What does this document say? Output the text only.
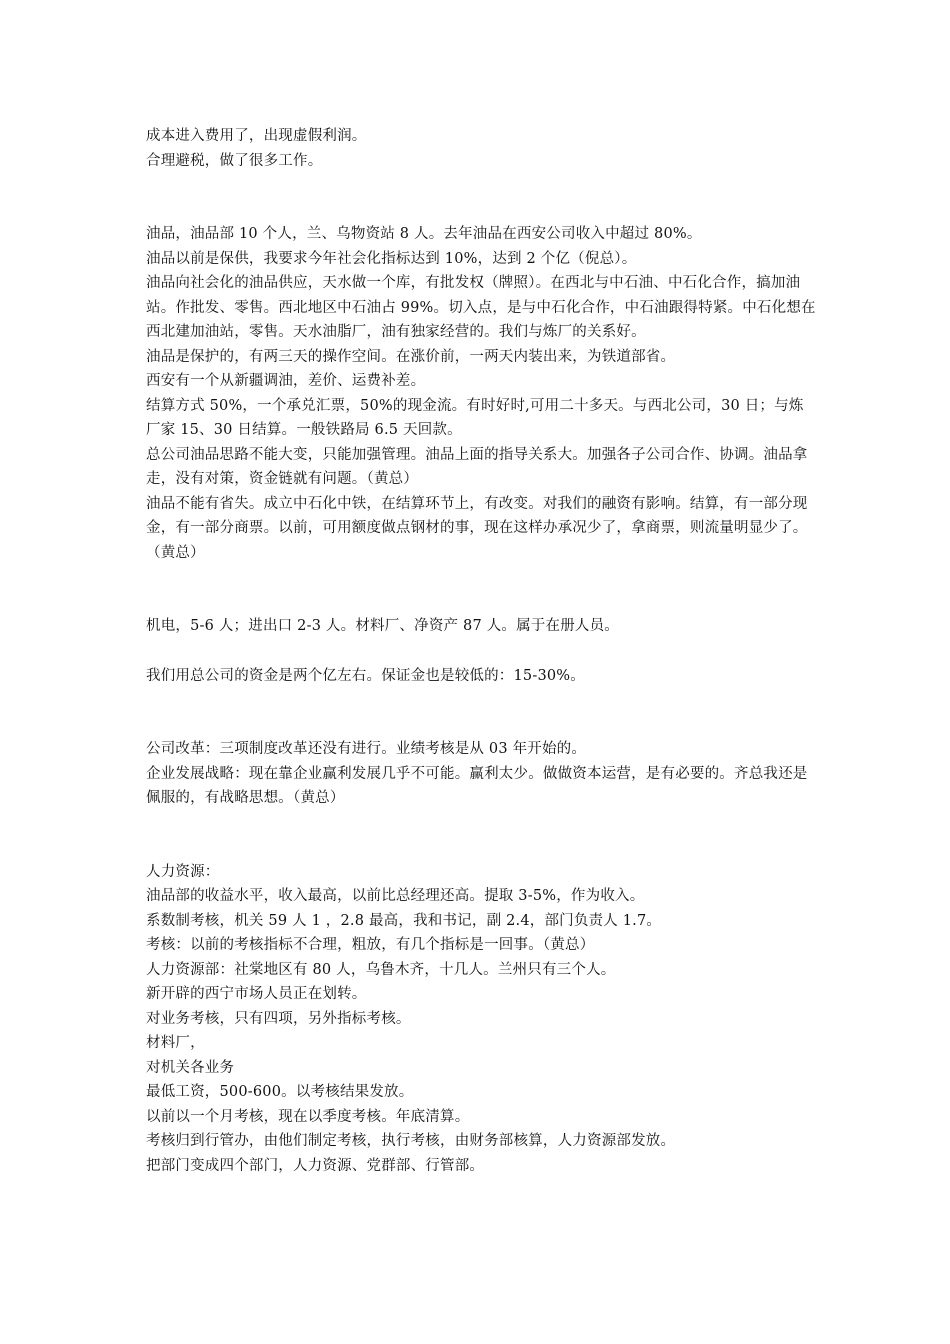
成本进入费用了，出现虚假利润。

合理避税，做了很多工作。

油品，油品部 10 个人，兰、乌物资站 8 人。去年油品在西安公司收入中超过 80%。

油品以前是保供，我要求今年社会化指标达到 10%，达到 2 个亿（倪总）。

油品向社会化的油品供应，天水做一个库，有批发权（牌照）。在西北与中石油、中石化合作，搞加油站。作批发、零售。西北地区中石油占 99%。切入点，是与中石化合作，中石油跟得特紧。中石化想在西北建加油站，零售。天水油脂厂，油有独家经营的。我们与炼厂的关系好。

油品是保护的，有两三天的操作空间。在涨价前，一两天内装出来，为铁道部省。

西安有一个从新疆调油，差价、运费补差。

结算方式 50%，一个承兑汇票，50%的现金流。有时好时,可用二十多天。与西北公司，30 日；与炼厂家 15、30 日结算。一般铁路局 6.5 天回款。

总公司油品思路不能大变，只能加强管理。油品上面的指导关系大。加强各子公司合作、协调。油品拿走，没有对策，资金链就有问题。（黄总）

油品不能有省失。成立中石化中铁，在结算环节上，有改变。对我们的融资有影响。结算，有一部分现金，有一部分商票。以前，可用额度做点钢材的事，现在这样办承况少了，拿商票，则流量明显少了。（黄总）

机电，5-6 人；进出口 2-3 人。材料厂、净资产 87 人。属于在册人员。

我们用总公司的资金是两个亿左右。保证金也是较低的：15-30%。

公司改革：三项制度改革还没有进行。业绩考核是从 03 年开始的。

企业发展战略：现在靠企业赢利发展几乎不可能。赢利太少。做做资本运营，是有必要的。齐总我还是佩服的，有战略思想。（黄总）

人力资源：

油品部的收益水平，收入最高，以前比总经理还高。提取 3-5%，作为收入。

系数制考核，机关 59 人 1 ，2.8 最高，我和书记，副 2.4，部门负责人 1.7。

考核：以前的考核指标不合理，粗放，有几个指标是一回事。（黄总）

人力资源部：社棠地区有 80 人，乌鲁木齐，十几人。兰州只有三个人。

新开辟的西宁市场人员正在划转。

对业务考核，只有四项，另外指标考核。

材料厂，

对机关各业务

最低工资，500-600。以考核结果发放。

以前以一个月考核，现在以季度考核。年底清算。

考核归到行管办，由他们制定考核，执行考核，由财务部核算，人力资源部发放。

把部门变成四个部门，人力资源、党群部、行管部。
